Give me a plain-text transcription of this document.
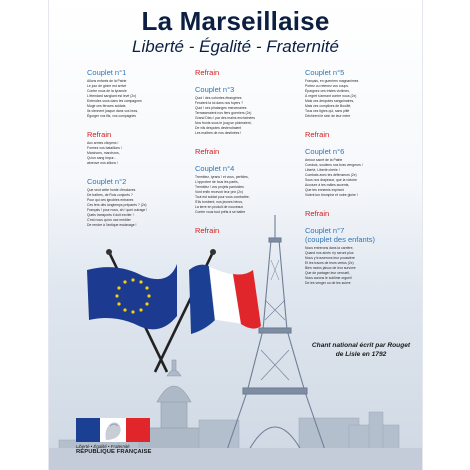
La Marseillaise
Liberté - Égalité - Fraternité
Couplet n°1
Allons enfants de la Patrie
Le jour de gloire est arrivé
Contre nous de la tyrannie
L'étendard sanglant est levé (2x)
Entendez-vous dans les campagnes
Mugir ces féroces soldats
Ils viennent jusque dans vos bras,
Égorger vos fils, vos compagnes
Refrain
Aux armes citoyens !
Formez vos bataillons !
Marchons, marchons,
Qu'un sang impur...
abreuve nos sillons !
Couplet n°2
Que veut cette horde d'esclaves
De traîtres, de Rois conjurés ?
Pour qui ces ignobles entraves
Ces fers dès longtemps préparés ? (2x)
Français ! pour nous, ah ! quel outrage !
Quels transports il doit exciter !
C'est nous qu'on ose méditer
De rendre à l'antique esclavage !
Refrain
Couplet n°3
Quoi ! des cohortes étrangères
Feraient la loi dans nos foyers ?
Quoi ! ces phalanges mercenaires
Terrasseraient nos fiers guerriers (2x)
Grand Dieu ! par des mains enchaînées
Nos fronts sous le joug se ploieraient,
De vils despotes deviendraient
Les maîtres de nos destinées !
Refrain
Couplet n°4
Tremblez, tyrans ! et vous, perfides,
L'opprobre de tous les partis,
Tremblez ! vos projets parricides
Vont enfin recevoir leur prix (2x)
Tout est soldat pour vous combattre,
S'ils tombent, nos jeunes héros,
La terre en produit de nouveaux
Contre vous tout prêts à se battre
Refrain
Couplet n°5
Français, en guerriers magnanimes
Portez ou retenez vos coups.
Épargnez ces tristes victimes,
À regret s'armant contre nous (2x)
Mais ces despotes sanguinaires,
Mais ces complices de Bouillé,
Tous ces tigres qui, sans pitié
Déchirent le sein de leur mère
Refrain
Couplet n°6
Amour sacré de la Patrie
Conduis, soutiens nos bras vengeurs !
Liberté, Liberté chérie !
Combats avec tes défenseurs (2x)
Sous nos drapeaux, que la victoire
Accoure à tes mâles accents,
Que tes ennemis expirant
Voient ton triomphe et notre gloire !
Refrain
Couplet n°7
(couplet des enfants)
Nous entrerons dans la carrière,
Quand nos aînés n'y seront plus
Nous y trouverons leur poussière
Et les traces de leurs vertus (2x)
Bien moins jaloux de leur survivre
Que de partager leur cercueil,
Nous aurons le sublime orgueil
De les venger ou de les suivre
Chant national écrit par Rouget de Lisle en 1792
Liberté • Égalité • Fraternité
RÉPUBLIQUE FRANÇAISE
